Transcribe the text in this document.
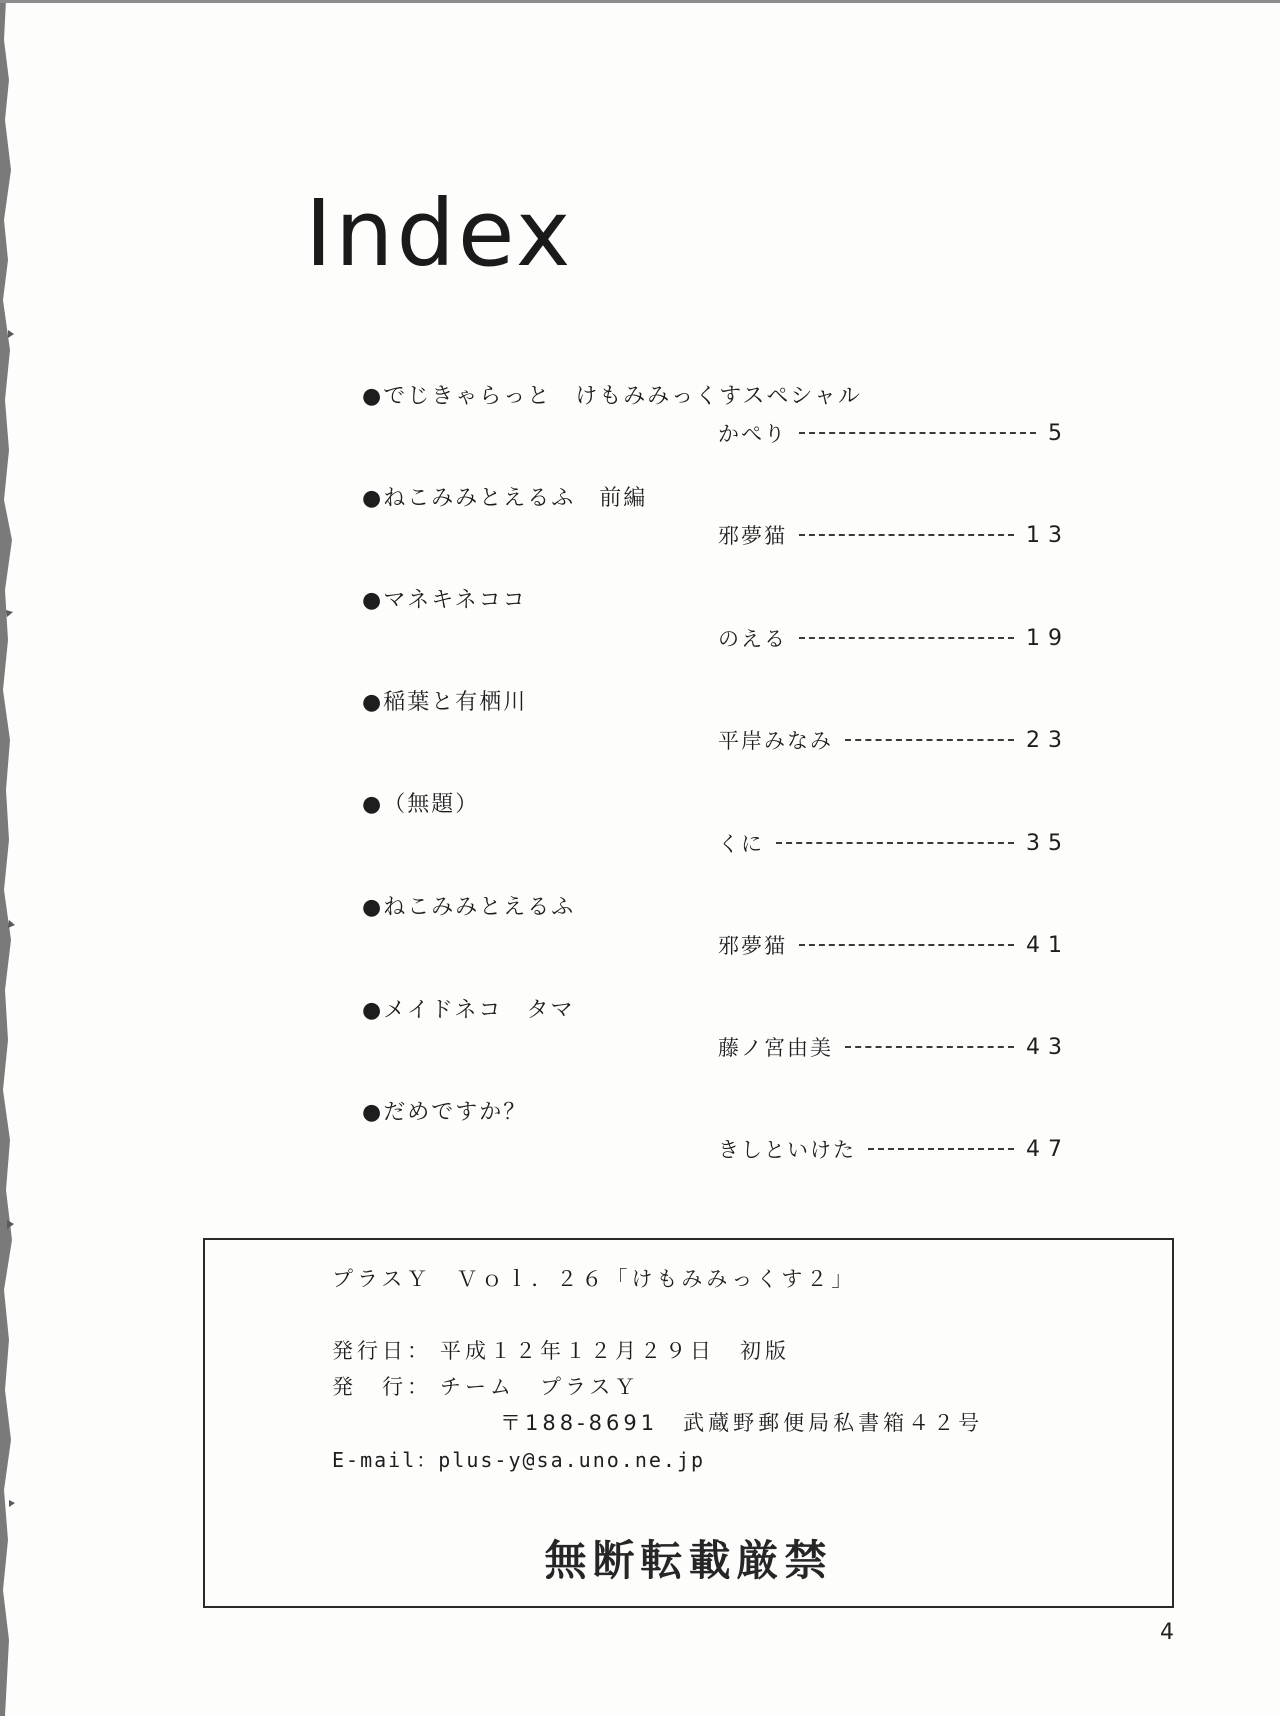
Index
●でじきゃらっと　けもみみっくすスペシャル
かぺり	5
●ねこみみとえるふ　前編
邪夢猫	13
●マネキネココ
のえる	19
●稲葉と有栖川
平岸みなみ	23
●（無題）
くに	35
●ねこみみとえるふ
邪夢猫	41
●メイドネコ　タマ
藤ノ宮由美	43
●だめですか？
きしといけた	47
プラスＹ　Ｖｏｌ．２６「けもみみっくす２」
発行日： 平成１２年１２月２９日　初版
発　行： チーム　プラスＹ
〒188-8691　武蔵野郵便局私書箱４２号
E-mail：plus-y@sa.uno.ne.jp
無断転載厳禁
4
